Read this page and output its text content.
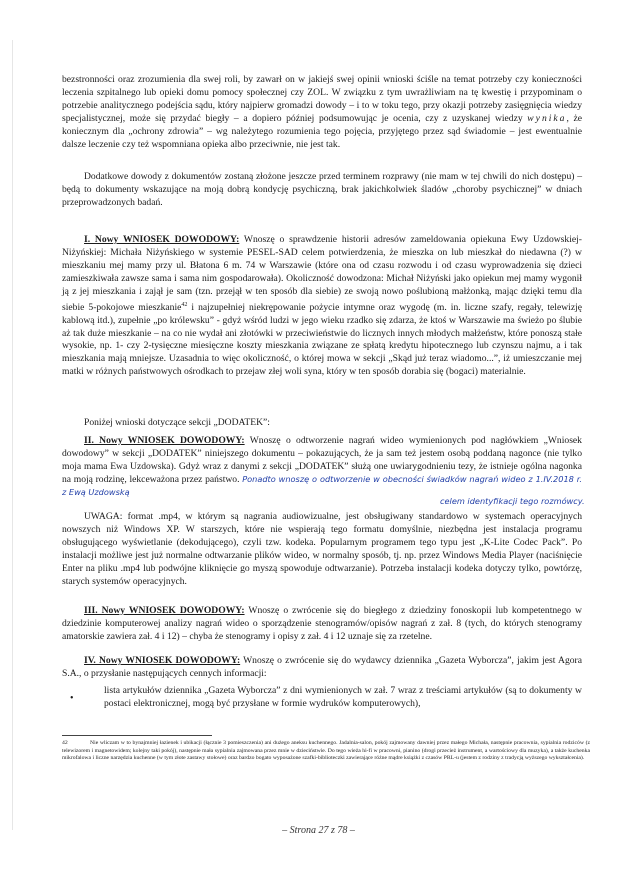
bezstronności oraz zrozumienia dla swej roli, by zawarł on w jakiejś swej opinii wnioski ściśle na temat potrzeby czy konieczności leczenia szpitalnego lub opieki domu pomocy społecznej czy ZOL. W związku z tym uwrażliwiam na tę kwestię i przypominam o potrzebie analitycznego podejścia sądu, który najpierw gromadzi dowody – i to w toku tego, przy okazji potrzeby zasięgnięcia wiedzy specjalistycznej, może się przydać biegły – a dopiero później podsumowując je ocenia, czy z uzyskanej wiedzy wynika, że koniecznym dla „ochrony zdrowia” – wg należytego rozumienia tego pojęcia, przyjętego przez sąd świadomie – jest ewentualnie dalsze leczenie czy też wspomniana opieka albo przeciwnie, nie jest tak.

Dodatkowe dowody z dokumentów zostaną złożone jeszcze przed terminem rozprawy (nie mam w tej chwili do nich dostępu) – będą to dokumenty wskazujące na moją dobrą kondycję psychiczną, brak jakichkolwiek śladów „choroby psychicznej” w dniach przeprowadzonych badań.

I. Nowy WNIOSEK DOWODOWY: Wnoszę o sprawdzenie historii adresów zameldowania opiekuna Ewy Uzdowskiej-Niżyńskiej: Michała Niżyńskiego w systemie PESEL-SAD celem potwierdzenia, że mieszka on lub mieszkał do niedawna (?) w mieszkaniu mej mamy przy ul. Błatona 6 m. 74 w Warszawie (które ona od czasu rozwodu i od czasu wyprowadzenia się dzieci zamieszkiwała zawsze sama i sama nim gospodarowała). Okoliczność dowodzona: Michał Niżyński jako opiekun mej mamy wygonił ją z jej mieszkania i zajął je sam (tzn. przejął w ten sposób dla siebie) ze swoją nowo poślubioną małżonką, mając dzięki temu dla siebie 5-pokojowe mieszkanie$^{42}$ i najzupełniej niekrępowanie pożycie intymne oraz wygodę (m. in. liczne szafy, regały, telewizję kablową itd.), zupełnie „po królewsku” - gdyż wśród ludzi w jego wieku rzadko się zdarza, że ktoś w Warszawie ma świeżo po ślubie aż tak duże mieszkanie – na co nie wydał ani złotówki w przeciwieństwie do licznych innych młodych małżeństw, które ponoszą stałe wysokie, np. 1- czy 2-tysięczne miesięczne koszty mieszkania związane ze spłatą kredytu hipotecznego lub czynszu najmu, a i tak mieszkania mają mniejsze. Uzasadnia to więc okoliczność, o której mowa w sekcji „Skąd już teraz wiadomo...”, iż umieszczanie mej matki w różnych państwowych ośrodkach to przejaw złej woli syna, który w ten sposób dorabia się (bogaci) materialnie.

Poniżej wnioski dotyczące sekcji „DODATEK”:

II. Nowy WNIOSEK DOWODOWY: Wnoszę o odtworzenie nagrań wideo wymienionych pod nagłówkiem „Wniosek dowodowy” w sekcji „DODATEK” niniejszego dokumentu – pokazujących, że ja sam też jestem osobą poddaną nagonce (nie tylko moja mama Ewa Uzdowska). Gdyż wraz z danymi z sekcji „DODATEK” służą one uwiarygodnieniu tezy, że istnieje ogólna nagonka na moją rodzinę, lekceważona przez państwo. Ponadto wnoszę o odtworzenie w obecności świadków nagrań wideo z 1.IV.2018 r. z Ewą Uzdowską

celem identyfikacji tego rozmówcy.

UWAGA: format .mp4, w którym są nagrania audiowizualne, jest obsługiwany standardowo w systemach operacyjnych nowszych niż Windows XP. W starszych, które nie wspierają tego formatu domyślnie, niezbędna jest instalacja programu obsługującego wyświetlanie (dekodującego), czyli tzw. kodeka. Popularnym programem tego typu jest „K-Lite Codec Pack”. Po instalacji możliwe jest już normalne odtwarzanie plików wideo, w normalny sposób, tj. np. przez Windows Media Player (naciśnięcie Enter na pliku .mp4 lub podwójne kliknięcie go myszą spowoduje odtwarzanie). Potrzeba instalacji kodeka dotyczy tylko, powtórzę, starych systemów operacyjnych.

III. Nowy WNIOSEK DOWODOWY: Wnoszę o zwrócenie się do biegłego z dziedziny fonoskopii lub kompetentnego w dziedzinie komputerowej analizy nagrań wideo o sporządzenie stenogramów/opisów nagrań z zał. 8 (tych, do których stenogramy amatorskie zawiera zał. 4 i 12) – chyba że stenogramy i opisy z zał. 4 i 12 uznaje się za rzetelne.

IV. Nowy WNIOSEK DOWODOWY: Wnoszę o zwrócenie się do wydawcy dziennika „Gazeta Wyborcza”, jakim jest Agora S.A., o przysłanie następujących cennych informacji:

•

lista artykułów dziennika „Gazeta Wyborcza” z dni wymienionych w zał. 7 wraz z treściami artykułów (są to dokumenty w postaci elektronicznej, mogą być przysłane w formie wydruków komputerowych),

42	Nie wliczam w to bynajmniej łazienek i ubikacji (łącznie 3 pomieszczenia) ani dużego aneksu kuchennego. Jadalnia-salon, pokój zajmowany dawniej przez małego Michała, następnie pracownia, sypialnia rodziców (z telewizorem i magnetowidem; kolejny taki pokój), następnie mała sypialnia zajmowana przez mnie w dzieciństwie. Do tego wieża hi-fi w pracowni, pianino (drogi przecież instrument, a wartościowy dla muzyka), a także kuchenka mikrofalowa i liczne narzędzia kuchenne (w tym złote zastawy stołowe) oraz bardzo bogato wyposażone szafki-biblioteczki zawierające różne mądre książki z czasów PRL-u (jestem z rodziny z tradycją wyższego wykształcenia).

– Strona 27 z 78 –
